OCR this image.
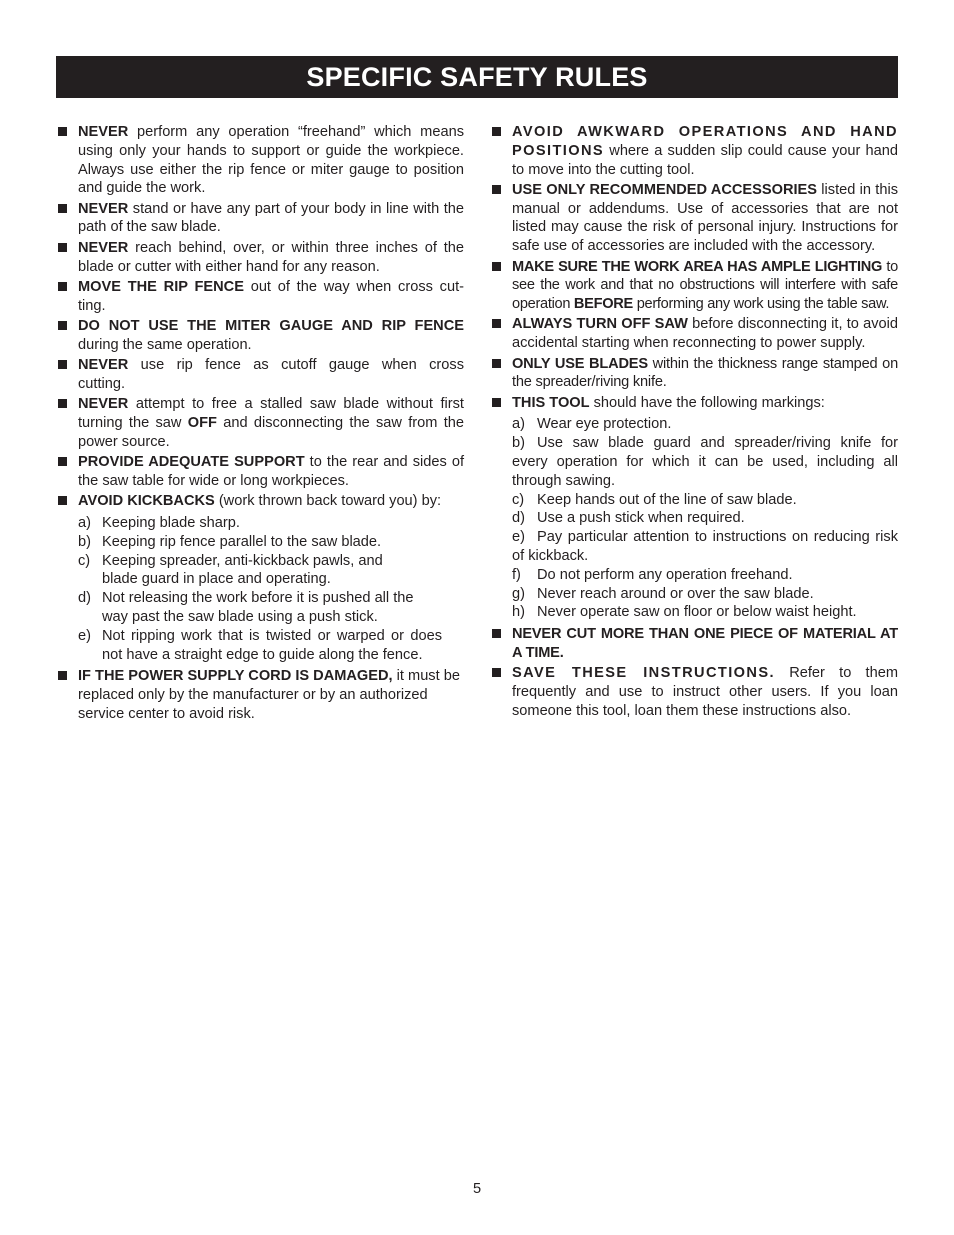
SPECIFIC SAFETY RULES
NEVER perform any operation “freehand” which means using only your hands to support or guide the workpiece. Always use either the rip fence or miter gauge to position and guide the work.
NEVER stand or have any part of your body in line with the path of the saw blade.
NEVER reach behind, over, or within three inches of the blade or cutter with either hand for any reason.
MOVE THE RIP FENCE out of the way when cross cut-ting.
DO NOT USE THE MITER GAUGE AND RIP FENCE during the same operation.
NEVER use rip fence as cutoff gauge when cross cutting.
NEVER attempt to free a stalled saw blade without first turning the saw OFF and disconnecting the saw from the power source.
PROVIDE ADEQUATE SUPPORT to the rear and sides of the saw table for wide or long workpieces.
AVOID KICKBACKS (work thrown back toward you) by:
a) Keeping blade sharp.
b) Keeping rip fence parallel to the saw blade.
c) Keeping spreader, anti-kickback pawls, and blade guard in place and operating.
d) Not releasing the work before it is pushed all the way past the saw blade using a push stick.
e) Not ripping work that is twisted or warped or does not have a straight edge to guide along the fence.
IF THE POWER SUPPLY CORD IS DAMAGED, it must be replaced only by the manufacturer or by an authorized service center to avoid risk.
AVOID AWKWARD OPERATIONS AND HAND POSITIONS where a sudden slip could cause your hand to move into the cutting tool.
USE ONLY RECOMMENDED ACCESSORIES listed in this manual or addendums. Use of accessories that are not listed may cause the risk of personal injury. Instructions for safe use of accessories are included with the accessory.
MAKE SURE THE WORK AREA HAS AMPLE LIGHTING to see the work and that no obstructions will interfere with safe operation BEFORE performing any work using the table saw.
ALWAYS TURN OFF SAW before disconnecting it, to avoid accidental starting when reconnecting to power supply.
ONLY USE BLADES within the thickness range stamped on the spreader/riving knife.
THIS TOOL should have the following markings:
a) Wear eye protection.
b) Use saw blade guard and spreader/riving knife for every operation for which it can be used, including all through sawing.
c) Keep hands out of the line of saw blade.
d) Use a push stick when required.
e) Pay particular attention to instructions on reducing risk of kickback.
f) Do not perform any operation freehand.
g) Never reach around or over the saw blade.
h) Never operate saw on floor or below waist height.
NEVER CUT MORE THAN ONE PIECE OF MATERIAL AT A TIME.
SAVE THESE INSTRUCTIONS. Refer to them frequently and use to instruct other users. If you loan someone this tool, loan them these instructions also.
5
